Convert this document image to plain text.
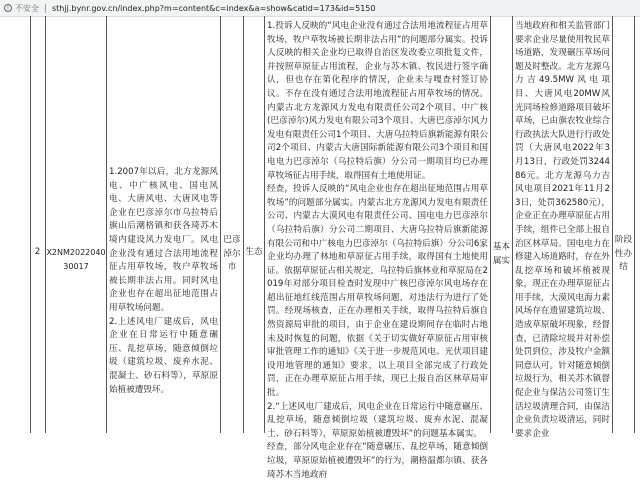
! 不安全 sthjj.bynr.gov.cn/index.php?m=content&c=index&a=show&catid=173&id=5150
2 X2NM202204030017
1.2007年以后，北方龙源风电、中广核风电、国电风电、大唐风电、大唐风电等企业在巴彦淖尔市乌拉特后旗山后潮格镇和获各琦苏木境内建设风力发电厂。风电企业没有通过合法用地流程征占用草牧场，牧户草牧场被长期非法占用。同时风电企业也存在超出征地范围占用草牧场问题。
2.上述风电厂建成后，风电企业在日常运行中随意碾压、乱挖草场，随意倾倒垃圾（建筑垃圾、废弃水泥、混凝土、砂石料等），草原原始植被遭毁坏。
巴彦淖尔市
生态
1.投诉人反映的“风电企业没有通过合法用地流程征占用草牧场，牧户草牧场被长期非法占用”的问题部分属实。投诉人反映的相关企业均已取得自治区发改委立项批复文件，并按照草原征占用流程，企业与苏木镇、牧民进行签字确认，但也存在第化程序的情况，企业未与嘎查村签订协议。不存在没有通过合法用地流程征占用草牧场的情况。内蒙古北方龙源风力发电有限责任公司2个项目、中广核(巴彦淖尔)风力发电有限公司3个项目、大唐巴彦淖尔风力发电有限责任公司1个项目、大唐乌拉特后旗新能源有限公司2个项目、内蒙古大唐国际新能源有限公司3个项目和国电电力巴彦淖尔（乌拉特后旗）分公司一期项目均已办理草牧场征占用手续，取得国有土地使用证。
经查，投诉人反映的“风电企业也存在超出征地范围占用草牧场”的问题部分属实。内蒙古北方龙源风力发电有限责任公司、内蒙古大漠风电有限责任公司、国电电力巴彦淖尔（乌拉特后旗）分公司二期项目、大唐乌拉特后旗新能源有限公司和中广核电力巴彦淖尔（乌拉特后旗）分公司6家企业均办理了林地和草原征占用手续，取得国有土地使用证。依据草原征占相关规定，乌拉特后旗林业和草原局在2019年对部分项目检查时发现中广核巴彦淖尔风电场存在超出征地红线范围占用草牧场问题，对违法行为进行了处罚。经现场核查，正在办理相关手续，取得乌拉特后旗自然资源局审批的项目，由于企业在建设期间存在临时占地未及时恢复的问题，依据《关于切实做好草原征占用审核审批管理工作的通知》《关于进一步规范风电、光伏项目建设用地管理的通知》要求，以上项目全部完成了行政处罚，正在办理草原征占用手续，现已上报自治区林草局审批。
2.“上述风电厂建成后，风电企业在日常运行中随意碾压、乱挖草场，随意倾倒垃圾（建筑垃圾、废弃水泥、混凝土、砂石料等），草原原始植被遭毁坏”的问题基本属实。
经查，部分风电企业存在“随意碾压、乱挖草场，随意倾倒垃圾，草原原始植被遭毁坏”的行为，潮格温都尔镇、获各琦苏木当地政府
基本属实
当地政府和相关监管部门要求企业尽量使用牧民草场道路，发现碾压草场问题及时整改。北方龙源乌力吉49.5MW风电项目、大唐风电20MW风光同场检修道路项目破坏草场，已由旗农牧业综合行政执法大队进行行政处罚（大唐风电2022年3月13日，行政处罚324486元。北方龙源乌力吉风电项目2021年11月23日，处罚362580元），企业正在办理草原征占用手续，组件已全部上报自治区林草局。国电电力在修建入场道路时，存在外乱挖草场和破坏植被现象，现正在办理草原征占用手续，大漠风电海力素风场存在遗留建筑垃圾、造成草原破坏现象，经督查，已清除垃圾并对补偿处罚到位，涉及牧户金额同意认可。针对随意倾倒垃圾行为，相关苏木镇督促企业与保洁公司签订生活垃圾清理合同，由保洁企业负责垃圾清运，同时要求企业
阶段性办结
